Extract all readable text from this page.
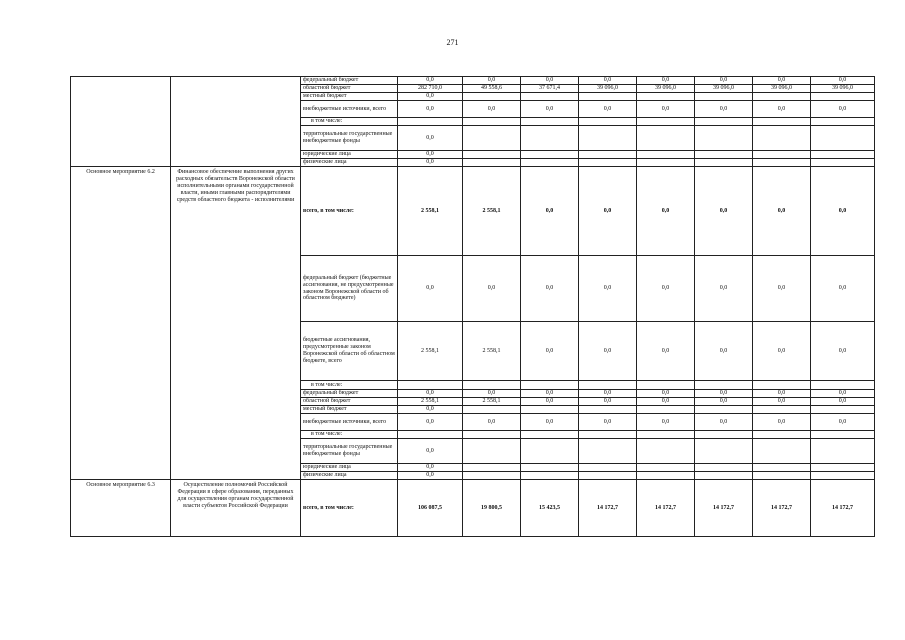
271
		федеральный бюджет	0,0	0,0	0,0	0,0	0,0	0,0	0,0	0,0
		областной бюджет	282 710,0	49 558,6	37 671,4	39 096,0	39 096,0	39 096,0	39 096,0	39 096,0
		местный бюджет	0,0							
		внебюджетные источники, всего	0,0	0,0	0,0	0,0	0,0	0,0	0,0	0,0
		в том числе:								
		территориальные государственные внебюджетные фонды	0,0							
		юридические лица	0,0							
		физические лица	0,0							
Основное мероприятие 6.2	Финансовое обеспечение выполнения других расходных обязательств Воронежской области исполнительными органами государственной власти, иными главными распорядителями средств областного бюджета - исполнителями	всего, в том числе:	2 558,1	2 558,1	0,0	0,0	0,0	0,0	0,0	0,0
		федеральный бюджет (бюджетные ассигнования, не предусмотренные законом Воронежской области об областном бюджете)	0,0	0,0	0,0	0,0	0,0	0,0	0,0	0,0
		бюджетные ассигнования, предусмотренные законом Воронежской области об областном бюджете, всего	2 558,1	2 558,1	0,0	0,0	0,0	0,0	0,0	0,0
		в том числе:								
		федеральный бюджет	0,0	0,0	0,0	0,0	0,0	0,0	0,0	0,0
		областной бюджет	2 558,1	2 558,1	0,0	0,0	0,0	0,0	0,0	0,0
		местный бюджет	0,0							
		внебюджетные источники, всего	0,0	0,0	0,0	0,0	0,0	0,0	0,0	0,0
		в том числе:								
		территориальные государственные внебюджетные фонды	0,0							
		юридические лица	0,0							
		физические лица	0,0							
Основное мероприятие 6.3	Осуществление полномочий Российской Федерации в сфере образования, переданных для осуществления органам государственной власти субъектов Российской Федерации	всего, в том числе:	106 087,5	19 800,5	15 423,5	14 172,7	14 172,7	14 172,7	14 172,7	14 172,7
